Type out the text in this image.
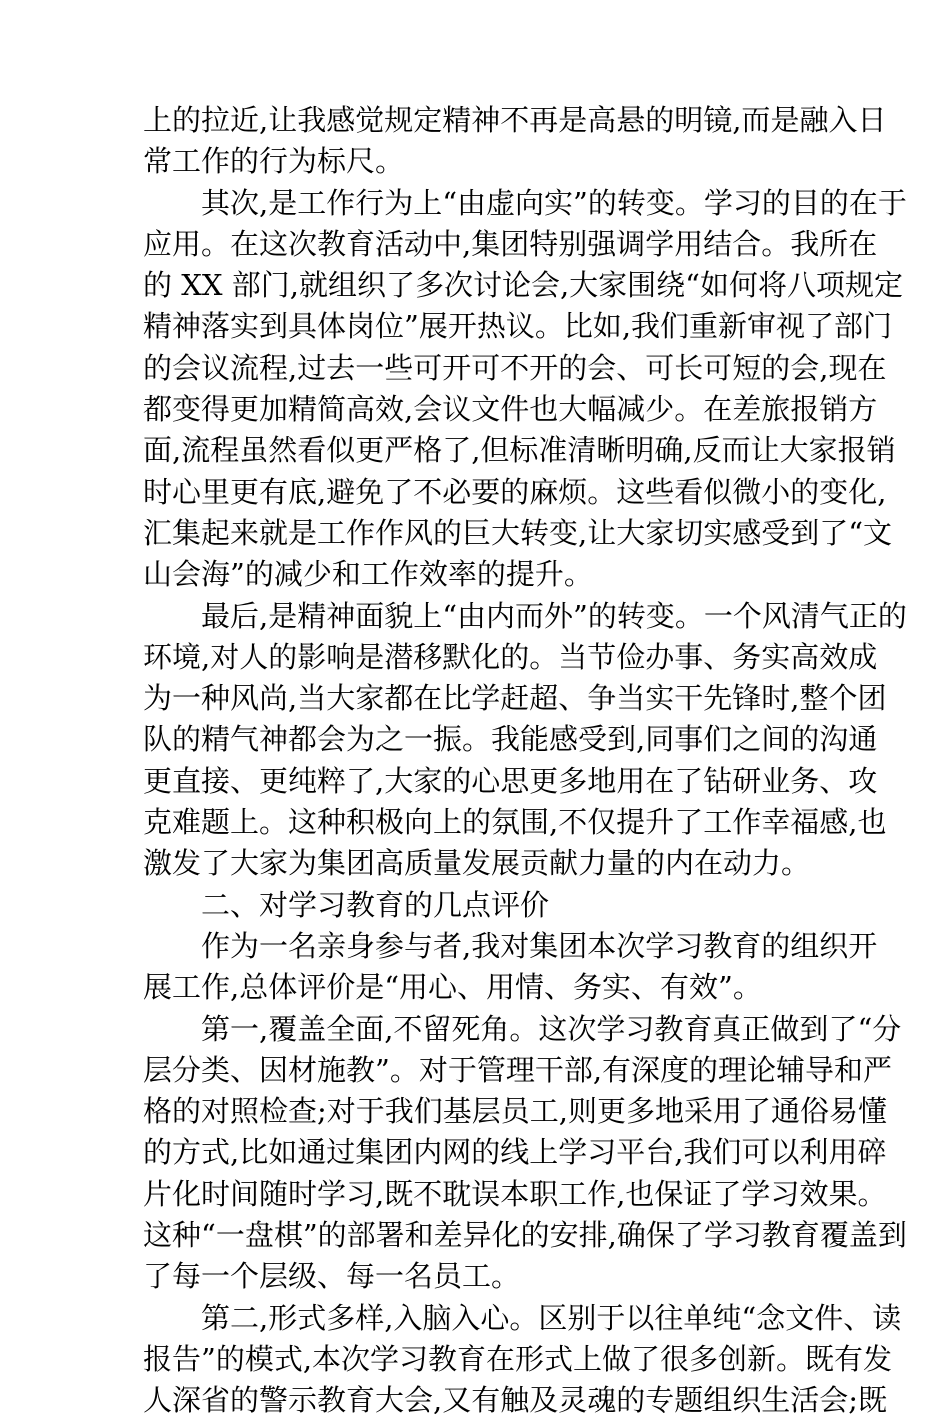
上的拉近,让我感觉规定精神不再是高悬的明镜,而是融入日
常工作的行为标尺。
其次,是工作行为上“由虚向实”的转变。学习的目的在于
应用。在这次教育活动中,集团特别强调学用结合。我所在
的 XX 部门,就组织了多次讨论会,大家围绕“如何将八项规定
精神落实到具体岗位”展开热议。比如,我们重新审视了部门
的会议流程,过去一些可开可不开的会、可长可短的会,现在
都变得更加精简高效,会议文件也大幅减少。在差旅报销方
面,流程虽然看似更严格了,但标准清晰明确,反而让大家报销
时心里更有底,避免了不必要的麻烦。这些看似微小的变化,
汇集起来就是工作作风的巨大转变,让大家切实感受到了“文
山会海”的减少和工作效率的提升。
最后,是精神面貌上“由内而外”的转变。一个风清气正的
环境,对人的影响是潜移默化的。当节俭办事、务实高效成
为一种风尚,当大家都在比学赶超、争当实干先锋时,整个团
队的精气神都会为之一振。我能感受到,同事们之间的沟通
更直接、更纯粹了,大家的心思更多地用在了钻研业务、攻
克难题上。这种积极向上的氛围,不仅提升了工作幸福感,也
激发了大家为集团高质量发展贡献力量的内在动力。
二、对学习教育的几点评价
作为一名亲身参与者,我对集团本次学习教育的组织开
展工作,总体评价是“用心、用情、务实、有效”。
第一,覆盖全面,不留死角。这次学习教育真正做到了“分
层分类、因材施教”。对于管理干部,有深度的理论辅导和严
格的对照检查;对于我们基层员工,则更多地采用了通俗易懂
的方式,比如通过集团内网的线上学习平台,我们可以利用碎
片化时间随时学习,既不耽误本职工作,也保证了学习效果。
这种“一盘棋”的部署和差异化的安排,确保了学习教育覆盖到
了每一个层级、每一名员工。
第二,形式多样,入脑入心。区别于以往单纯“念文件、读
报告”的模式,本次学习教育在形式上做了很多创新。既有发
人深省的警示教育大会,又有触及灵魂的专题组织生活会;既
